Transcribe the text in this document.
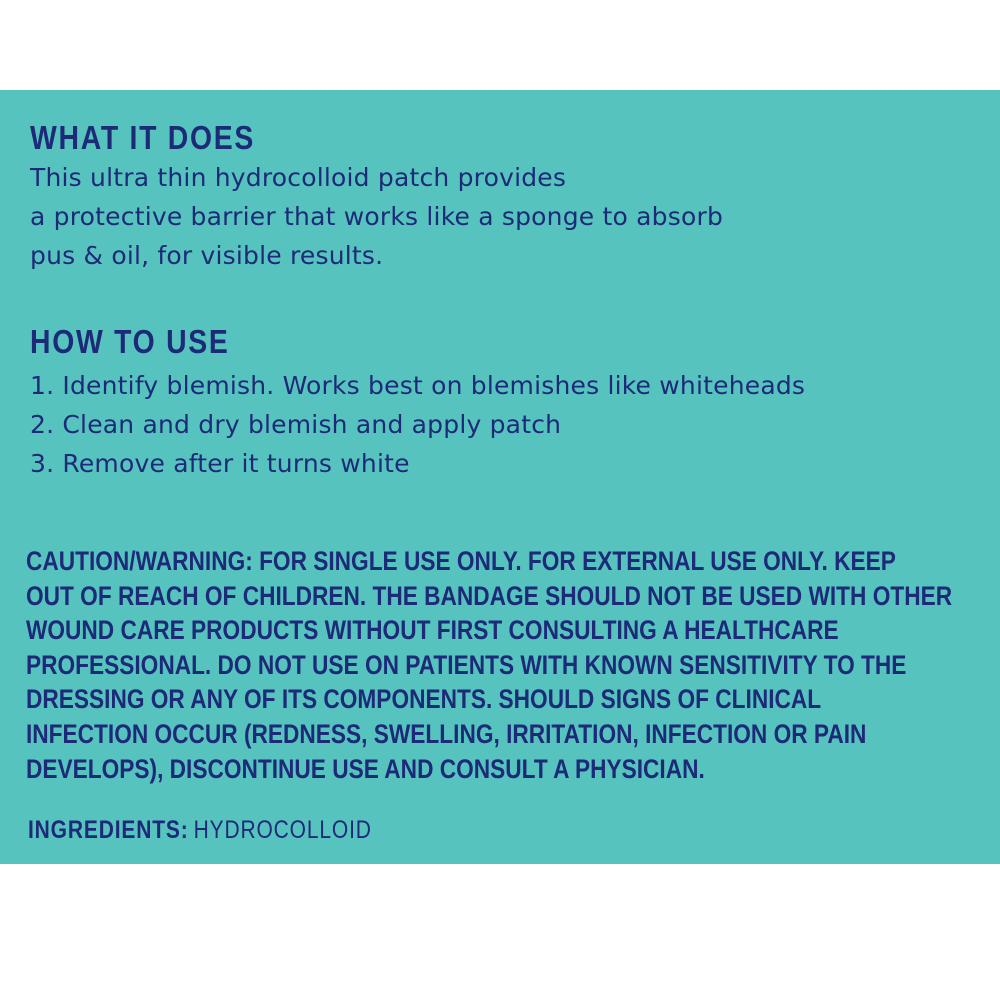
WHAT IT DOES
This ultra thin hydrocolloid patch provides
a protective barrier that works like a sponge to absorb
pus & oil, for visible results.
HOW TO USE
1. Identify blemish. Works best on blemishes like whiteheads
2. Clean and dry blemish and apply patch
3. Remove after it turns white
CAUTION/WARNING: FOR SINGLE USE ONLY. FOR EXTERNAL USE ONLY. KEEP
OUT OF REACH OF CHILDREN. THE BANDAGE SHOULD NOT BE USED WITH OTHER
WOUND CARE PRODUCTS WITHOUT FIRST CONSULTING A HEALTHCARE
PROFESSIONAL. DO NOT USE ON PATIENTS WITH KNOWN SENSITIVITY TO THE
DRESSING OR ANY OF ITS COMPONENTS. SHOULD SIGNS OF CLINICAL
INFECTION OCCUR (REDNESS, SWELLING, IRRITATION, INFECTION OR PAIN
DEVELOPS), DISCONTINUE USE AND CONSULT A PHYSICIAN.
INGREDIENTS: HYDROCOLLOID
